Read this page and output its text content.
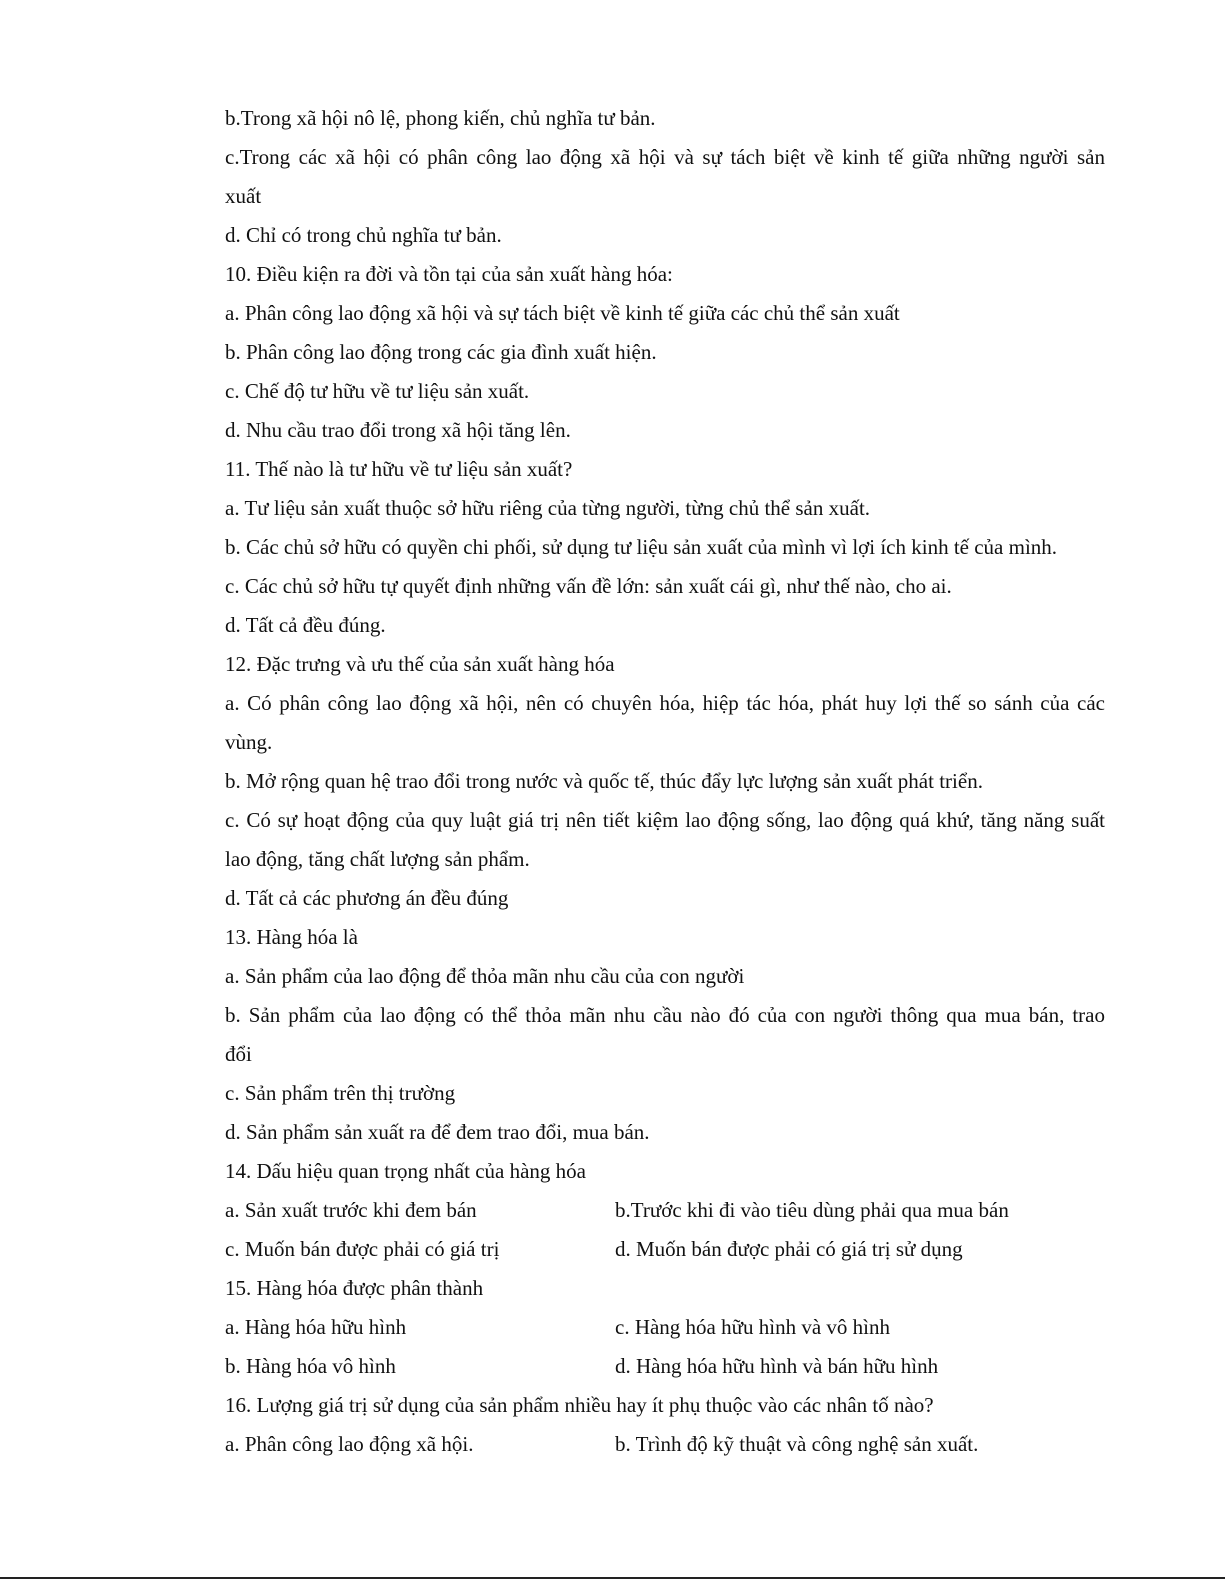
b.Trong xã hội nô lệ, phong kiến, chủ nghĩa tư bản.
c.Trong các xã hội có phân công lao động xã hội và sự tách biệt về kinh tế giữa những người sản
xuất
d. Chỉ có trong chủ nghĩa tư bản.
10. Điều kiện ra đời và tồn tại của sản xuất hàng hóa:
a. Phân công lao động xã hội và sự tách biệt về kinh tế giữa các chủ thể sản xuất
b. Phân công lao động trong các gia đình xuất hiện.
c. Chế độ tư hữu về tư liệu sản xuất.
d. Nhu cầu trao đổi trong xã hội tăng lên.
11. Thế nào là tư hữu về tư liệu sản xuất?
a. Tư liệu sản xuất thuộc sở hữu riêng của từng người, từng chủ thể sản xuất.
b. Các chủ sở hữu có quyền chi phối, sử dụng tư liệu sản xuất của mình vì lợi ích kinh tế của mình.
c. Các chủ sở hữu tự quyết định những vấn đề lớn: sản xuất cái gì, như thế nào, cho ai.
d. Tất cả đều đúng.
12. Đặc trưng và ưu thế của sản xuất hàng hóa
a. Có phân công lao động xã hội, nên có chuyên hóa, hiệp tác hóa, phát huy lợi thế so sánh của các
vùng.
b. Mở rộng quan hệ trao đổi trong nước và quốc tế, thúc đẩy lực lượng sản xuất phát triển.
c. Có sự hoạt động của quy luật giá trị nên tiết kiệm lao động sống, lao động quá khứ, tăng năng suất
lao động, tăng chất lượng sản phẩm.
d. Tất cả các phương án đều đúng
13. Hàng hóa là
a. Sản phẩm của lao động để thỏa mãn nhu cầu của con người
b. Sản phẩm của lao động có thể thỏa mãn nhu cầu nào đó của con người thông qua mua bán, trao
đổi
c. Sản phẩm trên thị trường
d. Sản phẩm sản xuất ra để đem trao đổi, mua bán.
14. Dấu hiệu quan trọng nhất của hàng hóa
a. Sản xuất trước khi đem bán	b.Trước khi đi vào tiêu dùng phải qua mua bán
c. Muốn bán được phải có giá trị	d. Muốn bán được phải có giá trị sử dụng
15. Hàng hóa được phân thành
a. Hàng hóa hữu hình	c. Hàng hóa hữu hình và vô hình
b. Hàng hóa vô hình	d. Hàng hóa hữu hình và bán hữu hình
16. Lượng giá trị sử dụng của sản phẩm nhiều hay ít phụ thuộc vào các nhân tố nào?
a. Phân công lao động xã hội.	b. Trình độ kỹ thuật và công nghệ sản xuất.
